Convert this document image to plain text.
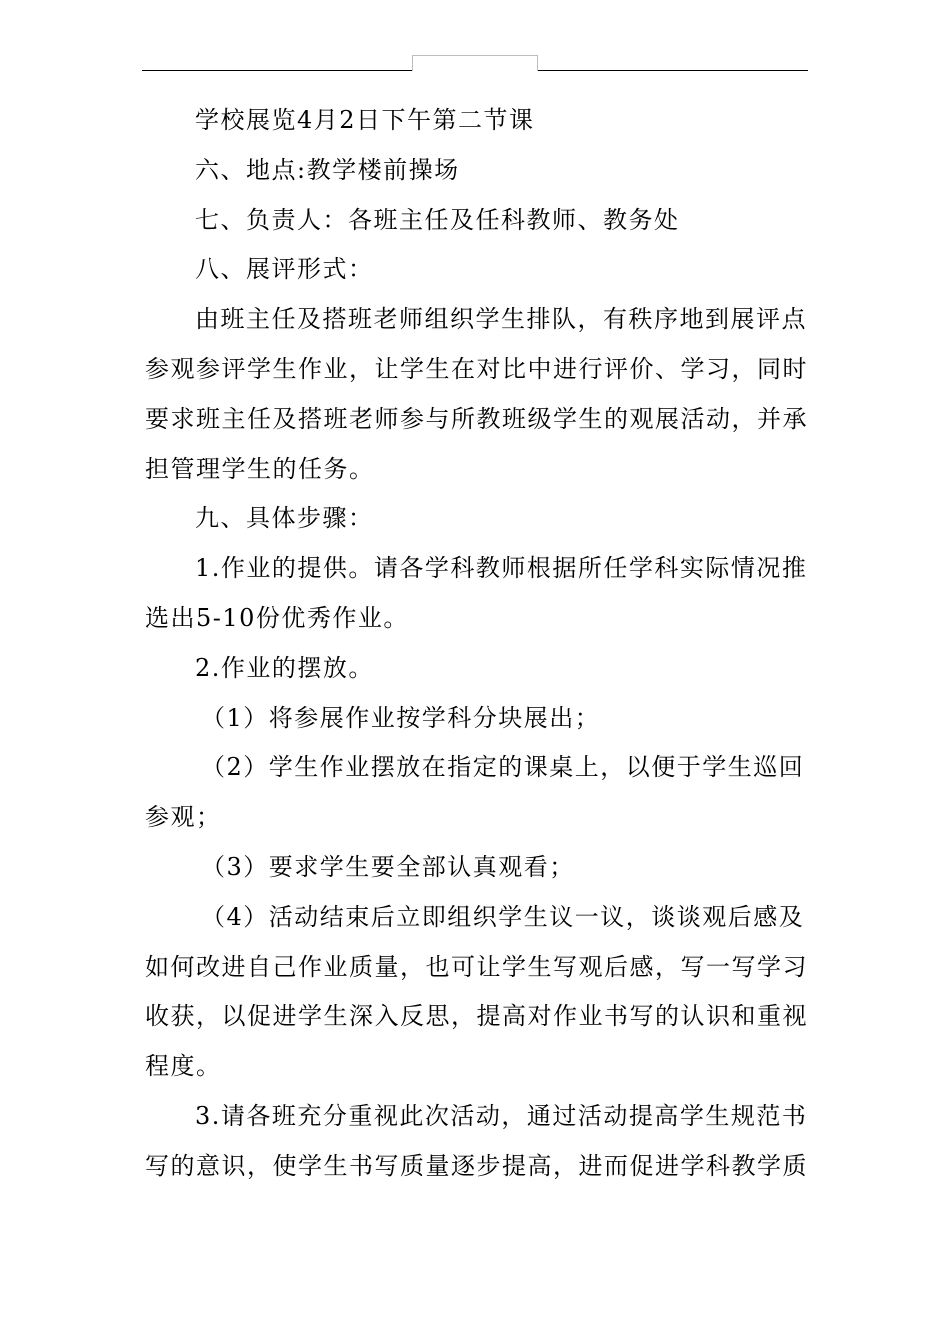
学校展览4月2日下午第二节课

六、地点:教学楼前操场

七、负责人：各班主任及任科教师、教务处

八、展评形式：

由班主任及搭班老师组织学生排队，有秩序地到展评点

参观参评学生作业，让学生在对比中进行评价、学习，同时

要求班主任及搭班老师参与所教班级学生的观展活动，并承

担管理学生的任务。

九、具体步骤：

1.作业的提供。请各学科教师根据所任学科实际情况推

选出5-10份优秀作业。

2.作业的摆放。

（1）将参展作业按学科分块展出；

（2）学生作业摆放在指定的课桌上，以便于学生巡回

参观；

（3）要求学生要全部认真观看；

（4）活动结束后立即组织学生议一议，谈谈观后感及

如何改进自己作业质量，也可让学生写观后感，写一写学习

收获，以促进学生深入反思，提高对作业书写的认识和重视

程度。

3.请各班充分重视此次活动，通过活动提高学生规范书

写的意识，使学生书写质量逐步提高，进而促进学科教学质
